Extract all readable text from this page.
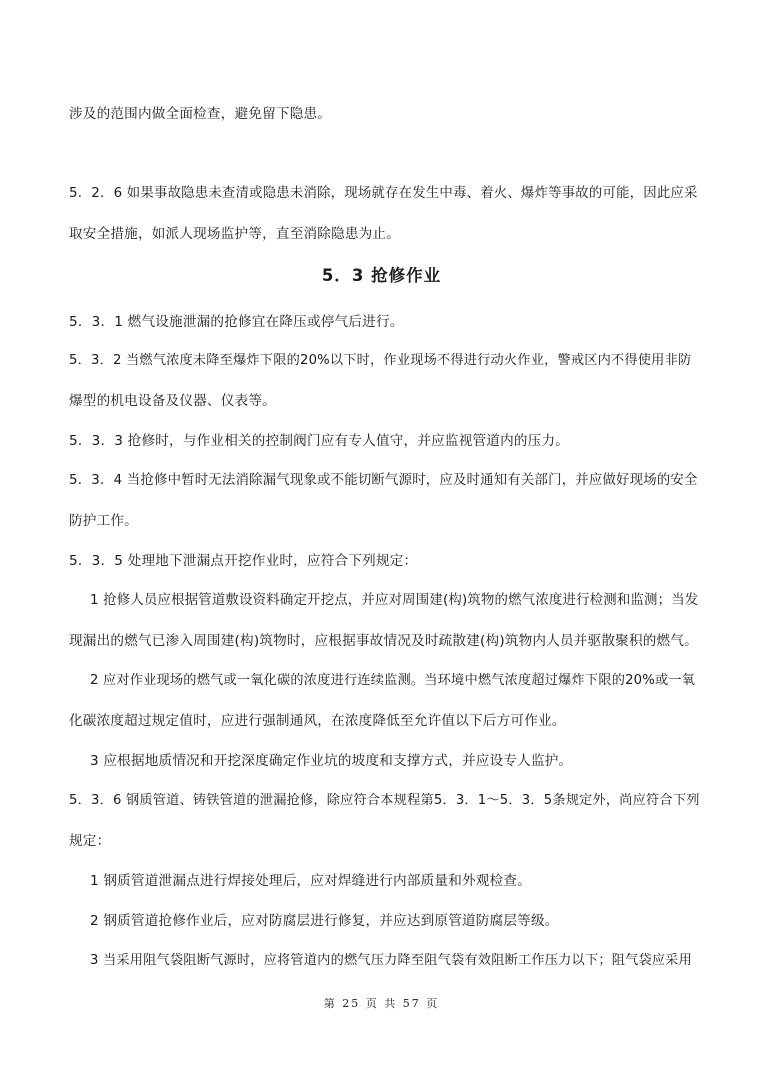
涉及的范围内做全面检查，避免留下隐患。
5．2．6 如果事故隐患未查清或隐患未消除，现场就存在发生中毒、着火、爆炸等事故的可能，因此应采
取安全措施，如派人现场监护等，直至消除隐患为止。
5．3 抢修作业
5．3．1 燃气设施泄漏的抢修宜在降压或停气后进行。
5．3．2 当燃气浓度未降至爆炸下限的20%以下时，作业现场不得进行动火作业，警戒区内不得使用非防
爆型的机电设备及仪器、仪表等。
5．3．3 抢修时，与作业相关的控制阀门应有专人值守，并应监视管道内的压力。
5．3．4 当抢修中暂时无法消除漏气现象或不能切断气源时，应及时通知有关部门，并应做好现场的安全
防护工作。
5．3．5 处理地下泄漏点开挖作业时，应符合下列规定：
1 抢修人员应根据管道敷设资料确定开挖点，并应对周围建(构)筑物的燃气浓度进行检测和监测；当发
现漏出的燃气已渗入周围建(构)筑物时，应根据事故情况及时疏散建(构)筑物内人员并驱散聚积的燃气。
2 应对作业现场的燃气或一氧化碳的浓度进行连续监测。当环境中燃气浓度超过爆炸下限的20%或一氧
化碳浓度超过规定值时，应进行强制通风，在浓度降低至允许值以下后方可作业。
3 应根据地质情况和开挖深度确定作业坑的坡度和支撑方式，并应设专人监护。
5．3．6 钢质管道、铸铁管道的泄漏抢修，除应符合本规程第5．3．1～5．3．5条规定外，尚应符合下列
规定：
1 钢质管道泄漏点进行焊接处理后，应对焊缝进行内部质量和外观检查。
2 钢质管道抢修作业后，应对防腐层进行修复，并应达到原管道防腐层等级。
3 当采用阻气袋阻断气源时，应将管道内的燃气压力降至阻气袋有效阻断工作压力以下；阻气袋应采用
第 25 页 共 57 页
